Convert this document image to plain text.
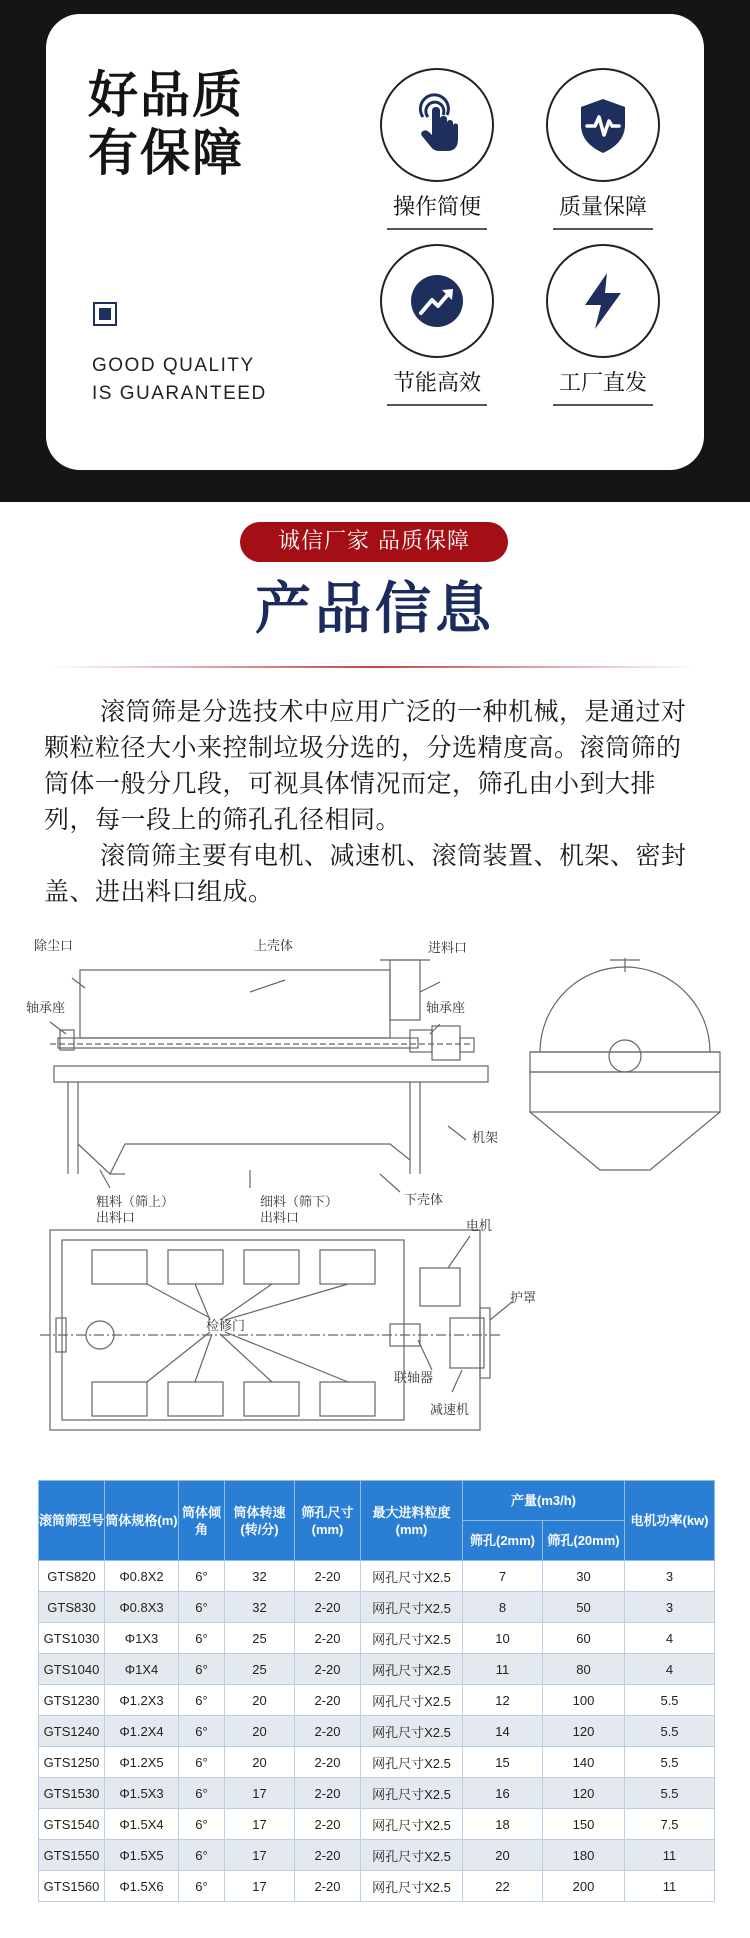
好品质
有保障
GOOD QUALITY
IS GUARANTEED
操作简便	质量保障
节能高效	工厂直发
诚信厂家 品质保障
产品信息

滚筒筛是分选技术中应用广泛的一种机械，是通过对颗粒粒径大小来控制垃圾分选的，分选精度高。滚筒筛的筒体一般分几段，可视具体情况而定，筛孔由小到大排列，每一段上的筛孔孔径相同。

滚筒筛主要有电机、减速机、滚筒装置、机架、密封盖、进出料口组成。

除尘口	上壳体	进料口
轴承座	轴承座
机架
粗料（筛上）
出料口
细料（筛下）
出料口
下壳体
电机
护罩
检修门
联轴器
减速机
滚筒筛型号	筒体规格(m)	筒体倾角	筒体转速(转/分)	筛孔尺寸(mm)	最大进料粒度(mm)	产量(m3/h)		电机功率(kw)
						筛孔(2mm)	筛孔(20mm)	
GTS820	Φ0.8X2	6°	32	2-20	网孔尺寸X2.5	7	30	3
GTS830	Φ0.8X3	6°	32	2-20	网孔尺寸X2.5	8	50	3
GTS1030	Φ1X3	6°	25	2-20	网孔尺寸X2.5	10	60	4
GTS1040	Φ1X4	6°	25	2-20	网孔尺寸X2.5	11	80	4
GTS1230	Φ1.2X3	6°	20	2-20	网孔尺寸X2.5	12	100	5.5
GTS1240	Φ1.2X4	6°	20	2-20	网孔尺寸X2.5	14	120	5.5
GTS1250	Φ1.2X5	6°	20	2-20	网孔尺寸X2.5	15	140	5.5
GTS1530	Φ1.5X3	6°	17	2-20	网孔尺寸X2.5	16	120	5.5
GTS1540	Φ1.5X4	6°	17	2-20	网孔尺寸X2.5	18	150	7.5
GTS1550	Φ1.5X5	6°	17	2-20	网孔尺寸X2.5	20	180	11
GTS1560	Φ1.5X6	6°	17	2-20	网孔尺寸X2.5	22	200	11
